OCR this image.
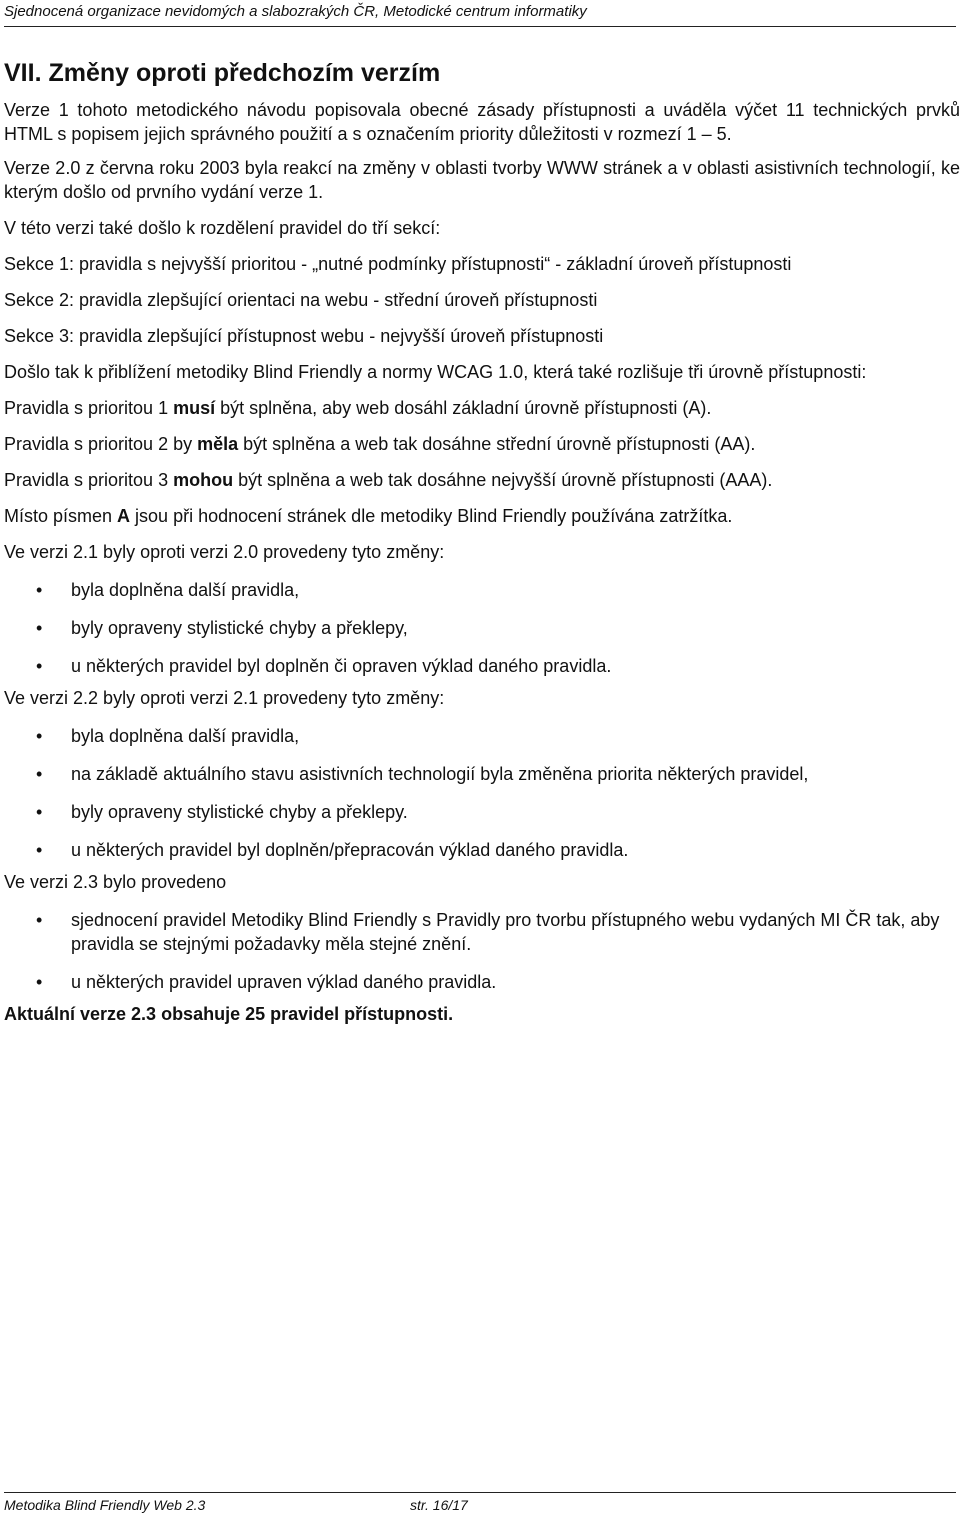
Sjednocená organizace nevidomých a slabozrakých ČR, Metodické centrum informatiky
VII. Změny oproti předchozím verzím

Verze 1 tohoto metodického návodu popisovala obecné zásady přístupnosti a uváděla výčet 11 technických prvků HTML s popisem jejich správného použití a s označením priority důležitosti v rozmezí 1 – 5.

Verze 2.0 z června roku 2003 byla reakcí na změny v oblasti tvorby WWW stránek a v oblasti asistivních technologií, ke kterým došlo od prvního vydání verze 1.

V této verzi také došlo k rozdělení pravidel do tří sekcí:

Sekce 1: pravidla s nejvyšší prioritou - „nutné podmínky přístupnosti“ - základní úroveň přístupnosti

Sekce 2: pravidla zlepšující orientaci na webu - střední úroveň přístupnosti

Sekce 3: pravidla zlepšující přístupnost webu - nejvyšší úroveň přístupnosti

Došlo tak k přiblížení metodiky Blind Friendly a normy WCAG 1.0, která také rozlišuje tři úrovně přístupnosti:

Pravidla s prioritou 1 musí být splněna, aby web dosáhl základní úrovně přístupnosti (A).

Pravidla s prioritou 2 by měla být splněna a web tak dosáhne střední úrovně přístupnosti (AA).

Pravidla s prioritou 3 mohou být splněna a web tak dosáhne nejvyšší úrovně přístupnosti (AAA).

Místo písmen A jsou při hodnocení stránek dle metodiky Blind Friendly používána zatržítka.

Ve verzi 2.1 byly oproti verzi 2.0 provedeny tyto změny:

• byla doplněna další pravidla,
• byly opraveny stylistické chyby a překlepy,
• u některých pravidel byl doplněn či opraven výklad daného pravidla.

Ve verzi 2.2 byly oproti verzi 2.1 provedeny tyto změny:

• byla doplněna další pravidla,
• na základě aktuálního stavu asistivních technologií byla změněna priorita některých pravidel,
• byly opraveny stylistické chyby a překlepy.
• u některých pravidel byl doplněn/přepracován výklad daného pravidla.

Ve verzi 2.3 bylo provedeno

• sjednocení pravidel Metodiky Blind Friendly s Pravidly pro tvorbu přístupného webu vydaných MI ČR tak, aby pravidla se stejnými požadavky měla stejné znění.
• u některých pravidel upraven výklad daného pravidla.

Aktuální verze 2.3 obsahuje 25 pravidel přístupnosti.

Metodika Blind Friendly Web 2.3	str. 16/17
